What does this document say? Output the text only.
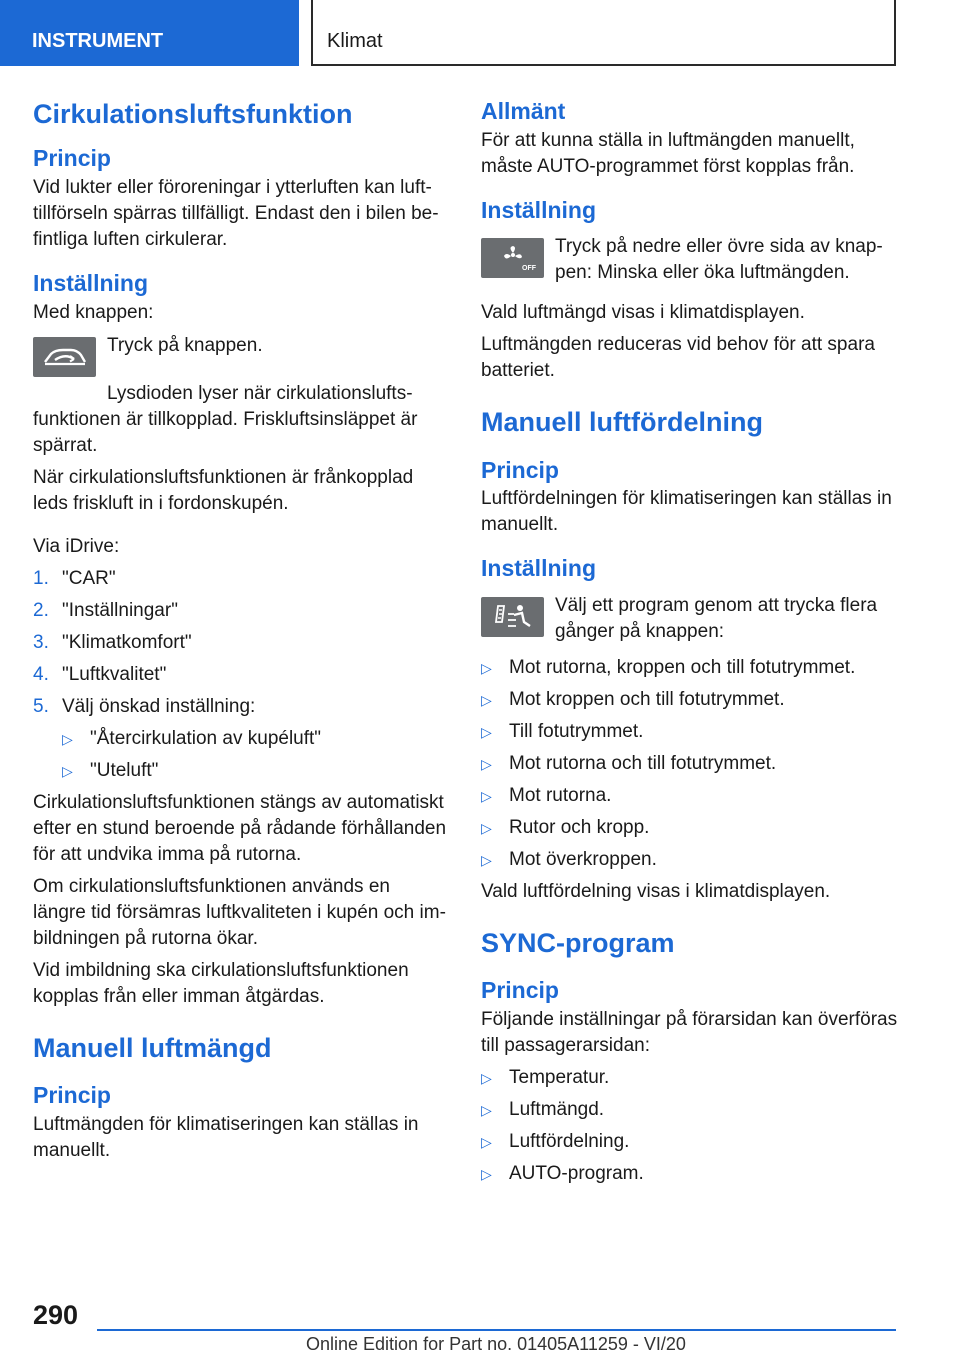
INSTRUMENT	Klimat
Cirkulationsluftsfunktion
Princip

Vid lukter eller föroreningar i ytterluften kan luft-tillförseln spärras tillfälligt. Endast den i bilen be-fintliga luften cirkulerar.

Inställning

Med knappen:

Tryck på knappen.

Lysdioden lyser när cirkulationslufts-funktionen är tillkopplad. Friskluftsinsläppet är spärrat.

När cirkulationsluftsfunktionen är frånkopplad leds friskluft in i fordonskupén.

Via iDrive:

1. "CAR"
2. "Inställningar"
3. "Klimatkomfort"
4. "Luftkvalitet"
5. Välj önskad inställning:
▷ "Återcirkulation av kupéluft"
▷ "Uteluft"

Cirkulationsluftsfunktionen stängs av automatiskt efter en stund beroende på rådande förhållanden för att undvika imma på rutorna.

Om cirkulationsluftsfunktionen används en längre tid försämras luftkvaliteten i kupén och im-bildningen på rutorna ökar.

Vid imbildning ska cirkulationsluftsfunktionen kopplas från eller imman åtgärdas.

Manuell luftmängd
Princip

Luftmängden för klimatiseringen kan ställas in manuellt.

Allmänt

För att kunna ställa in luftmängden manuellt, måste AUTO-programmet först kopplas från.

Inställning
OFF

Tryck på nedre eller övre sida av knap-pen: Minska eller öka luftmängden.

Vald luftmängd visas i klimatdisplayen.

Luftmängden reduceras vid behov för att spara batteriet.

Manuell luftfördelning
Princip

Luftfördelningen för klimatiseringen kan ställas in manuellt.

Inställning

Välj ett program genom att trycka flera gånger på knappen:

▷ Mot rutorna, kroppen och till fotutrymmet.
▷ Mot kroppen och till fotutrymmet.
▷ Till fotutrymmet.
▷ Mot rutorna och till fotutrymmet.
▷ Mot rutorna.
▷ Rutor och kropp.
▷ Mot överkroppen.

Vald luftfördelning visas i klimatdisplayen.

SYNC-program
Princip

Följande inställningar på förarsidan kan överföras till passagerarsidan:

▷ Temperatur.
▷ Luftmängd.
▷ Luftfördelning.
▷ AUTO-program.
290
Online Edition for Part no. 01405A11259 - VI/20
